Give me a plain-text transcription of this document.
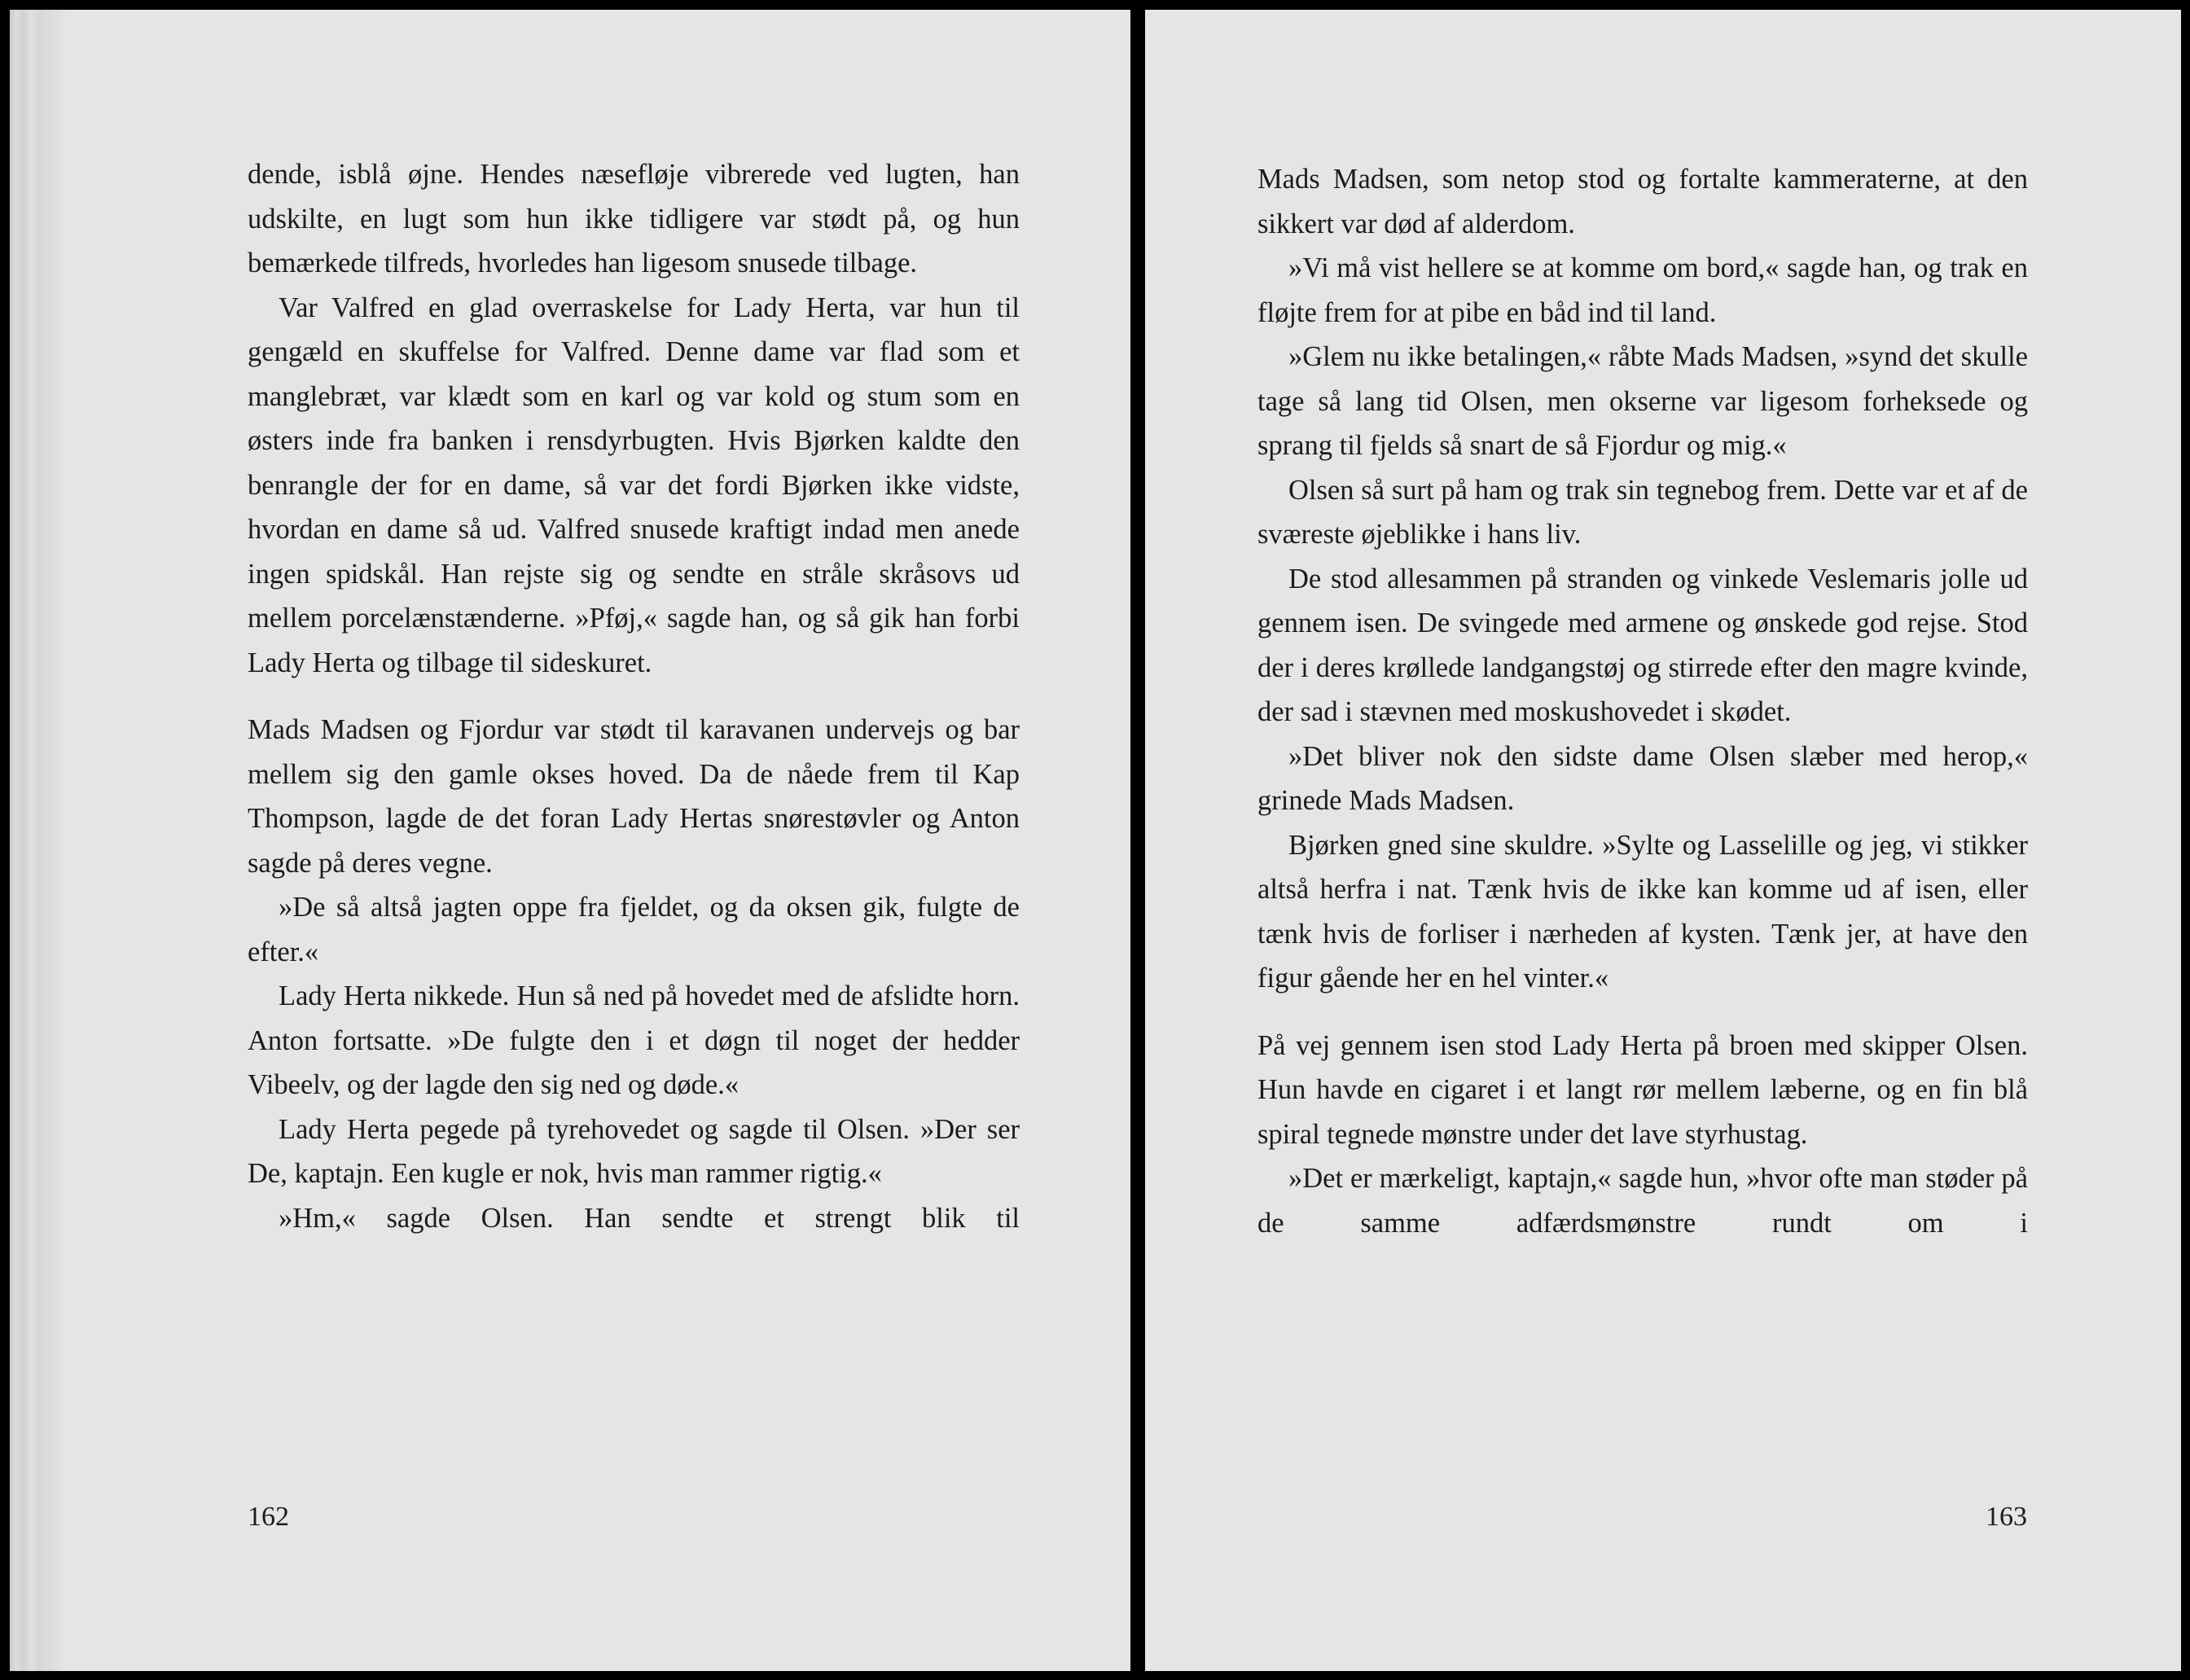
dende, isblå øjne. Hendes næsefløje vibrerede ved lugten, han udskilte, en lugt som hun ikke tidligere var stødt på, og hun bemærkede tilfreds, hvorledes han ligesom snusede tilbage.

Var Valfred en glad overraskelse for Lady Herta, var hun til gengæld en skuffelse for Valfred. Denne dame var flad som et manglebræt, var klædt som en karl og var kold og stum som en østers inde fra banken i rensdyrbugten. Hvis Bjørken kaldte den benrangle der for en dame, så var det fordi Bjørken ikke vidste, hvordan en dame så ud. Valfred snusede kraftigt indad men anede ingen spidskål. Han rejste sig og sendte en stråle skråsovs ud mellem porcelænstænderne. »Pføj,« sagde han, og så gik han forbi Lady Herta og tilbage til sideskuret.

Mads Madsen og Fjordur var stødt til karavanen undervejs og bar mellem sig den gamle okses hoved. Da de nåede frem til Kap Thompson, lagde de det foran Lady Hertas snørestøvler og Anton sagde på deres vegne.

»De så altså jagten oppe fra fjeldet, og da oksen gik, fulgte de efter.«

Lady Herta nikkede. Hun så ned på hovedet med de afslidte horn. Anton fortsatte. »De fulgte den i et døgn til noget der hedder Vibeelv, og der lagde den sig ned og døde.«

Lady Herta pegede på tyrehovedet og sagde til Olsen. »Der ser De, kaptajn. Een kugle er nok, hvis man rammer rigtig.«

»Hm,« sagde Olsen. Han sendte et strengt blik til

162

Mads Madsen, som netop stod og fortalte kammeraterne, at den sikkert var død af alderdom.

»Vi må vist hellere se at komme om bord,« sagde han, og trak en fløjte frem for at pibe en båd ind til land.

»Glem nu ikke betalingen,« råbte Mads Madsen, »synd det skulle tage så lang tid Olsen, men okserne var ligesom forheksede og sprang til fjelds så snart de så Fjordur og mig.«

Olsen så surt på ham og trak sin tegnebog frem. Dette var et af de sværeste øjeblikke i hans liv.

De stod allesammen på stranden og vinkede Veslemaris jolle ud gennem isen. De svingede med armene og ønskede god rejse. Stod der i deres krøllede landgangstøj og stirrede efter den magre kvinde, der sad i stævnen med moskushovedet i skødet.

»Det bliver nok den sidste dame Olsen slæber med herop,« grinede Mads Madsen.

Bjørken gned sine skuldre. »Sylte og Lasselille og jeg, vi stikker altså herfra i nat. Tænk hvis de ikke kan komme ud af isen, eller tænk hvis de forliser i nærheden af kysten. Tænk jer, at have den figur gående her en hel vinter.«

På vej gennem isen stod Lady Herta på broen med skipper Olsen. Hun havde en cigaret i et langt rør mellem læberne, og en fin blå spiral tegnede mønstre under det lave styrhustag.

»Det er mærkeligt, kaptajn,« sagde hun, »hvor ofte man støder på de samme adfærdsmønstre rundt om i

163
